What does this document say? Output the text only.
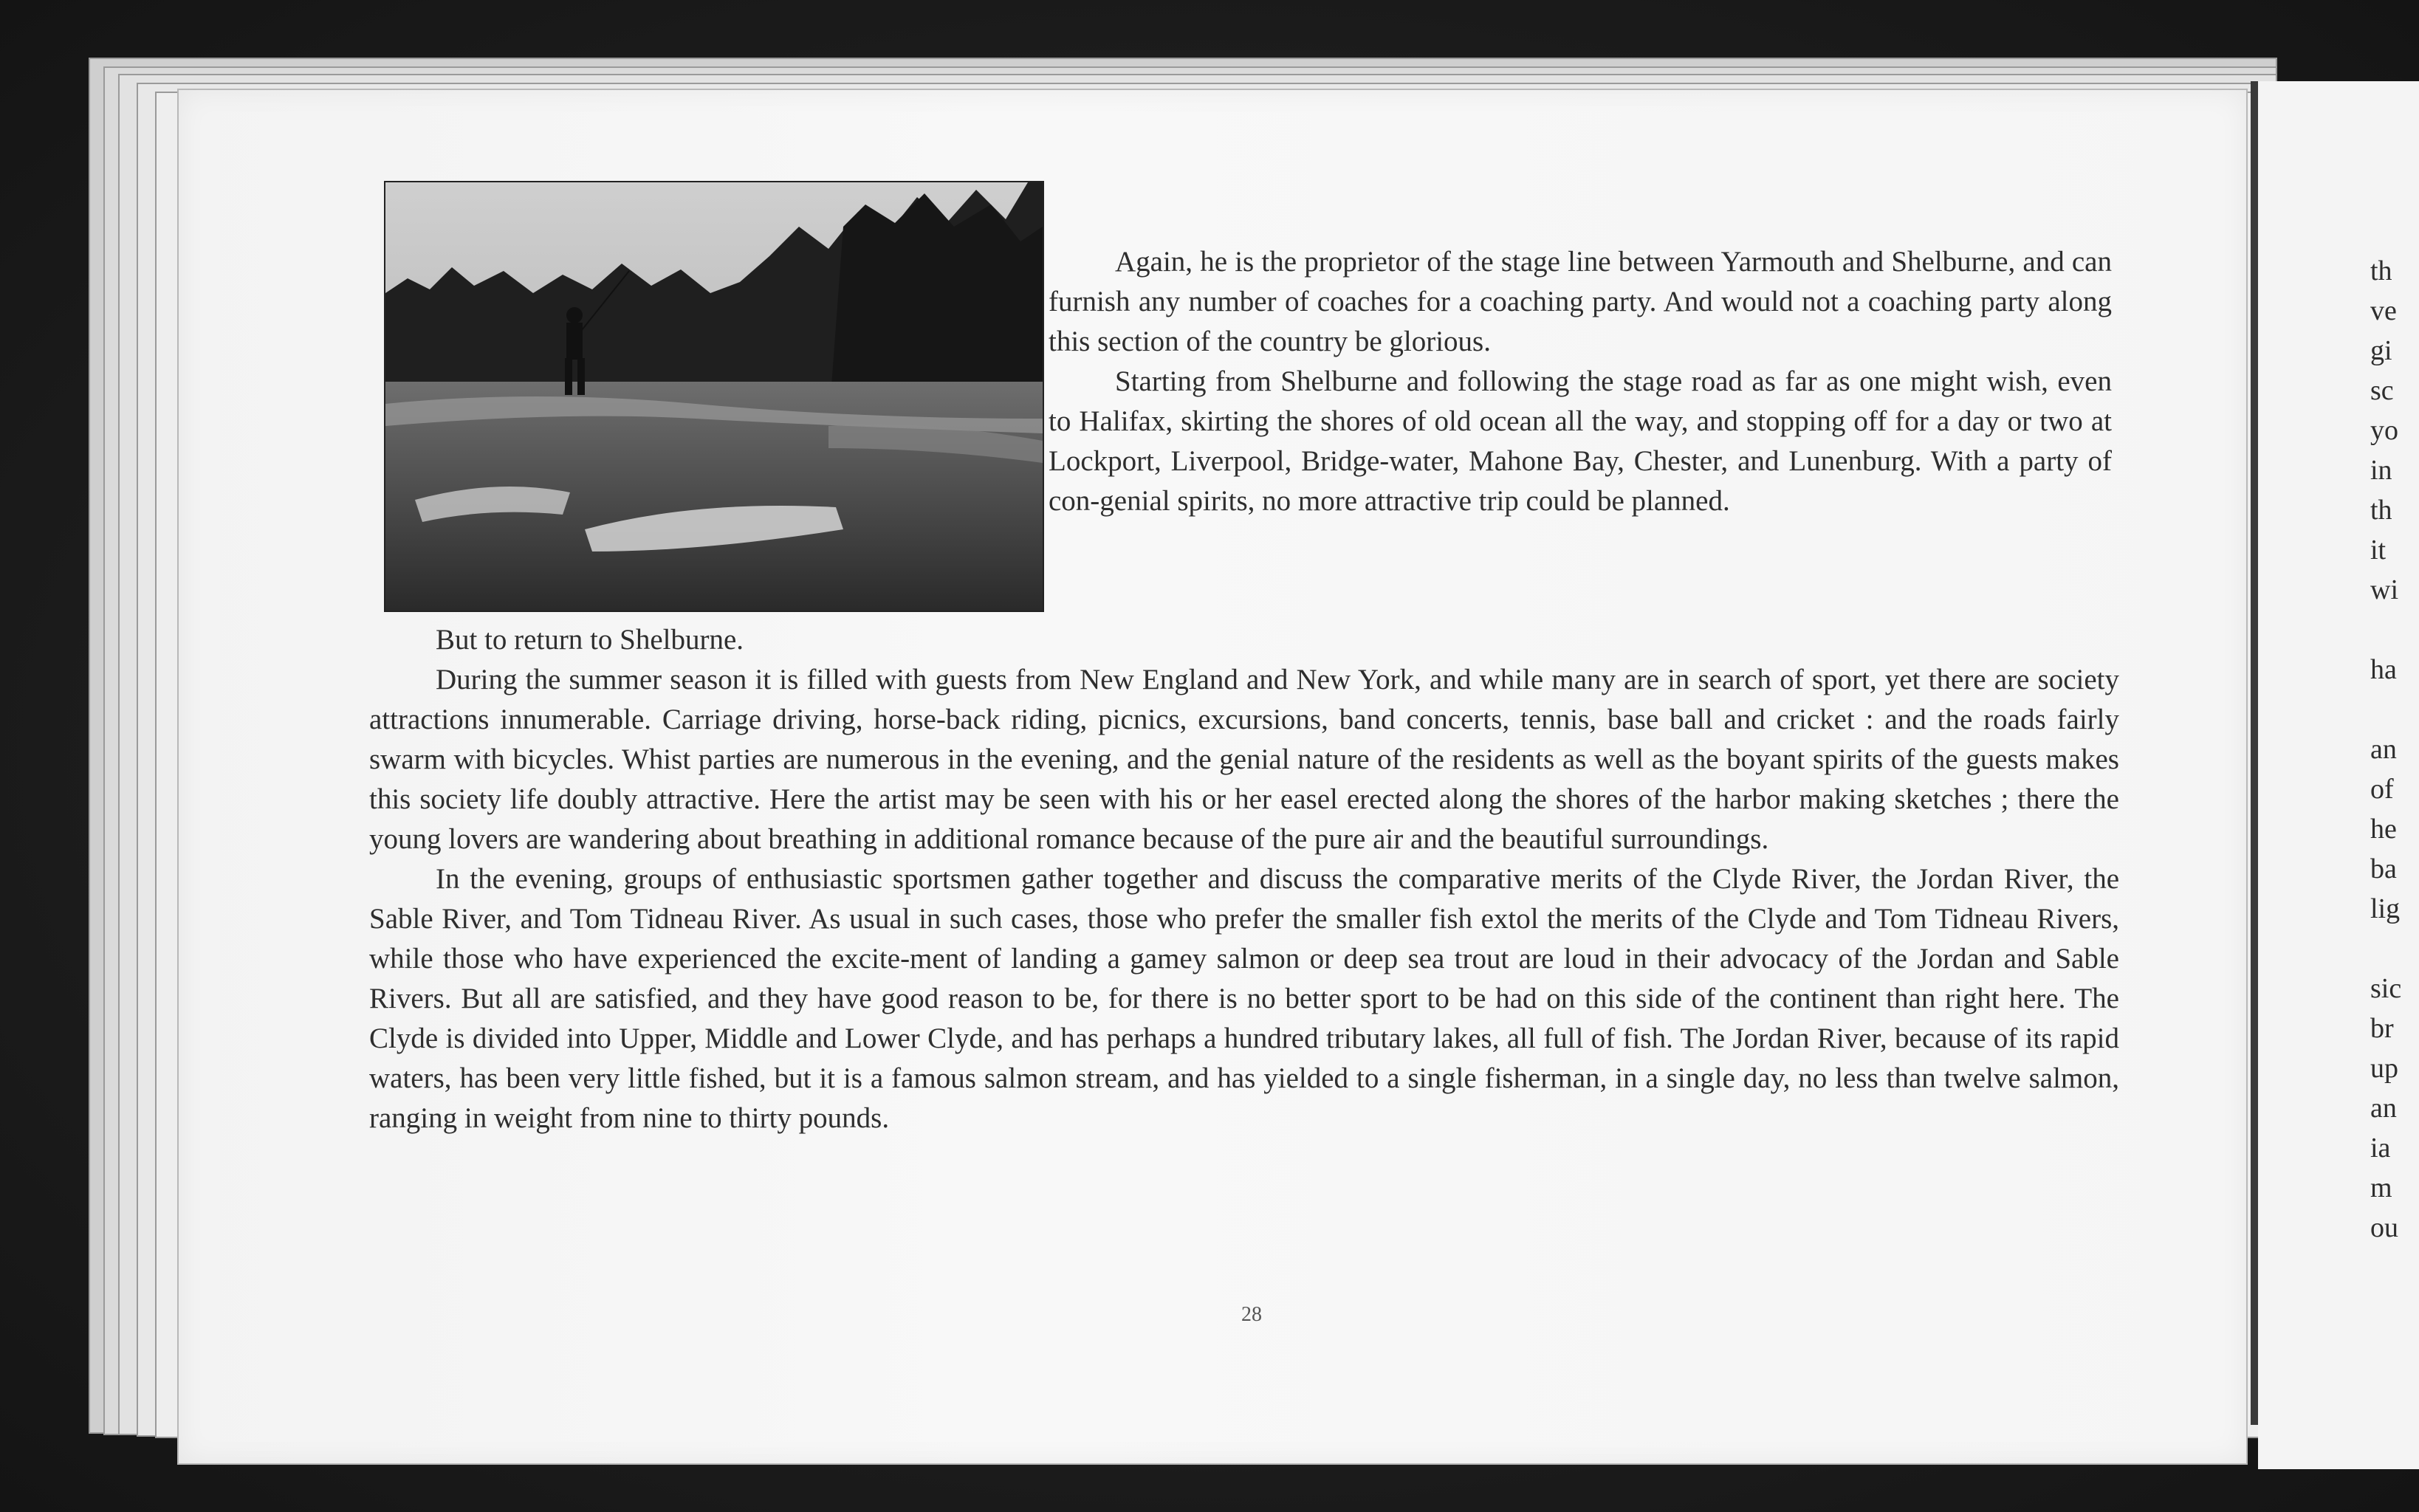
Again, he is the proprietor of the stage line between Yarmouth and Shelburne, and can furnish any number of coaches for a coaching party. And would not a coaching party along this section of the country be glorious.

Starting from Shelburne and following the stage road as far as one might wish, even to Halifax, skirting the shores of old ocean all the way, and stopping off for a day or two at Lockport, Liverpool, Bridge-water, Mahone Bay, Chester, and Lunenburg. With a party of con-genial spirits, no more attractive trip could be planned.

But to return to Shelburne.

During the summer season it is filled with guests from New England and New York, and while many are in search of sport, yet there are society attractions innumerable. Carriage driving, horse-back riding, picnics, excursions, band concerts, tennis, base ball and cricket : and the roads fairly swarm with bicycles. Whist parties are numerous in the evening, and the genial nature of the residents as well as the boyant spirits of the guests makes this society life doubly attractive. Here the artist may be seen with his or her easel erected along the shores of the harbor making sketches ; there the young lovers are wandering about breathing in additional romance because of the pure air and the beautiful surroundings.

In the evening, groups of enthusiastic sportsmen gather together and discuss the comparative merits of the Clyde River, the Jordan River, the Sable River, and Tom Tidneau River. As usual in such cases, those who prefer the smaller fish extol the merits of the Clyde and Tom Tidneau Rivers, while those who have experienced the excite-ment of landing a gamey salmon or deep sea trout are loud in their advocacy of the Jordan and Sable Rivers. But all are satisfied, and they have good reason to be, for there is no better sport to be had on this side of the continent than right here. The Clyde is divided into Upper, Middle and Lower Clyde, and has perhaps a hundred tributary lakes, all full of fish. The Jordan River, because of its rapid waters, has been very little fished, but it is a famous salmon stream, and has yielded to a single fisherman, in a single day, no less than twelve salmon, ranging in weight from nine to thirty pounds.

28
th
ve
gi
sc
yo
in
th
it
wi
ha
an
of
he
ba
lig
sic
br
up
an
ia
m
ou
